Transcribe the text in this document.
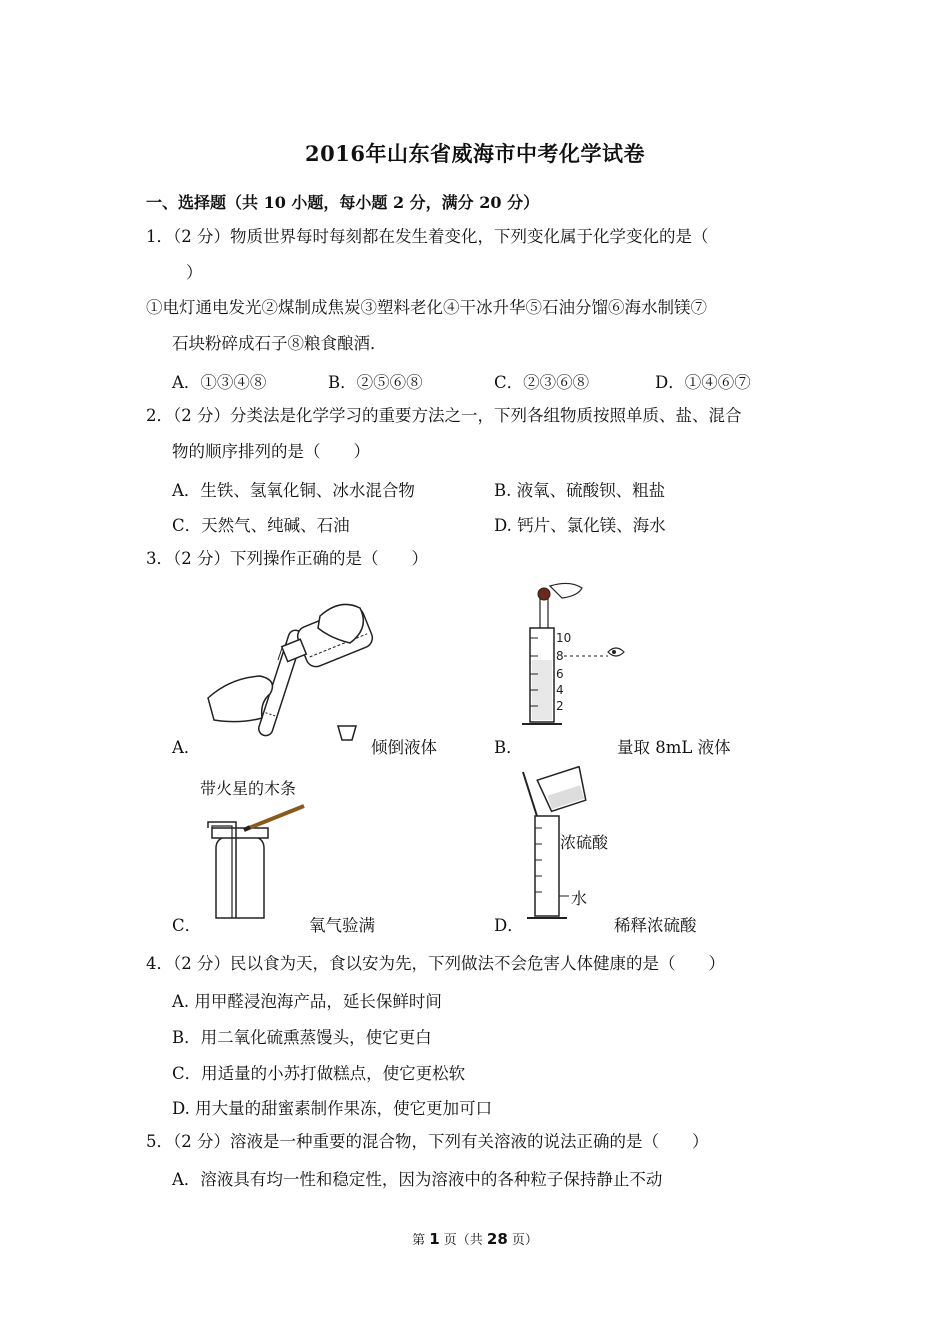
2016年山东省威海市中考化学试卷
一、选择题（共 10 小题，每小题 2 分，满分 20 分）
1．（2 分）物质世界每时每刻都在发生着变化，下列变化属于化学变化的是（
）
①电灯通电发光②煤制成焦炭③塑料老化④干冰升华⑤石油分馏⑥海水制镁⑦
石块粉碎成石子⑧粮食酿酒．
A．①③④⑧	B．②⑤⑥⑧	C．②③⑥⑧	D．①④⑥⑦
2．（2 分）分类法是化学学习的重要方法之一，下列各组物质按照单质、盐、混合
物的顺序排列的是（　　）
A．生铁、氢氧化铜、冰水混合物	B. 液氧、硫酸钡、粗盐
C．天然气、纯碱、石油	D. 钙片、氯化镁、海水
3．（2 分）下列操作正确的是（　　）
A．	倾倒液体	B．
10
8
6
4
2
量取 8mL 液体
C．
带火星的木条
氧气验满	D．
浓硫酸
水
稀释浓硫酸
4．（2 分）民以食为天，食以安为先，下列做法不会危害人体健康的是（　　）
A. 用甲醛浸泡海产品，延长保鲜时间
B．用二氧化硫熏蒸馒头，使它更白
C．用适量的小苏打做糕点，使它更松软
D. 用大量的甜蜜素制作果冻，使它更加可口
5．（2 分）溶液是一种重要的混合物，下列有关溶液的说法正确的是（　　）
A．溶液具有均一性和稳定性，因为溶液中的各种粒子保持静止不动
第 1 页（共 28 页）
